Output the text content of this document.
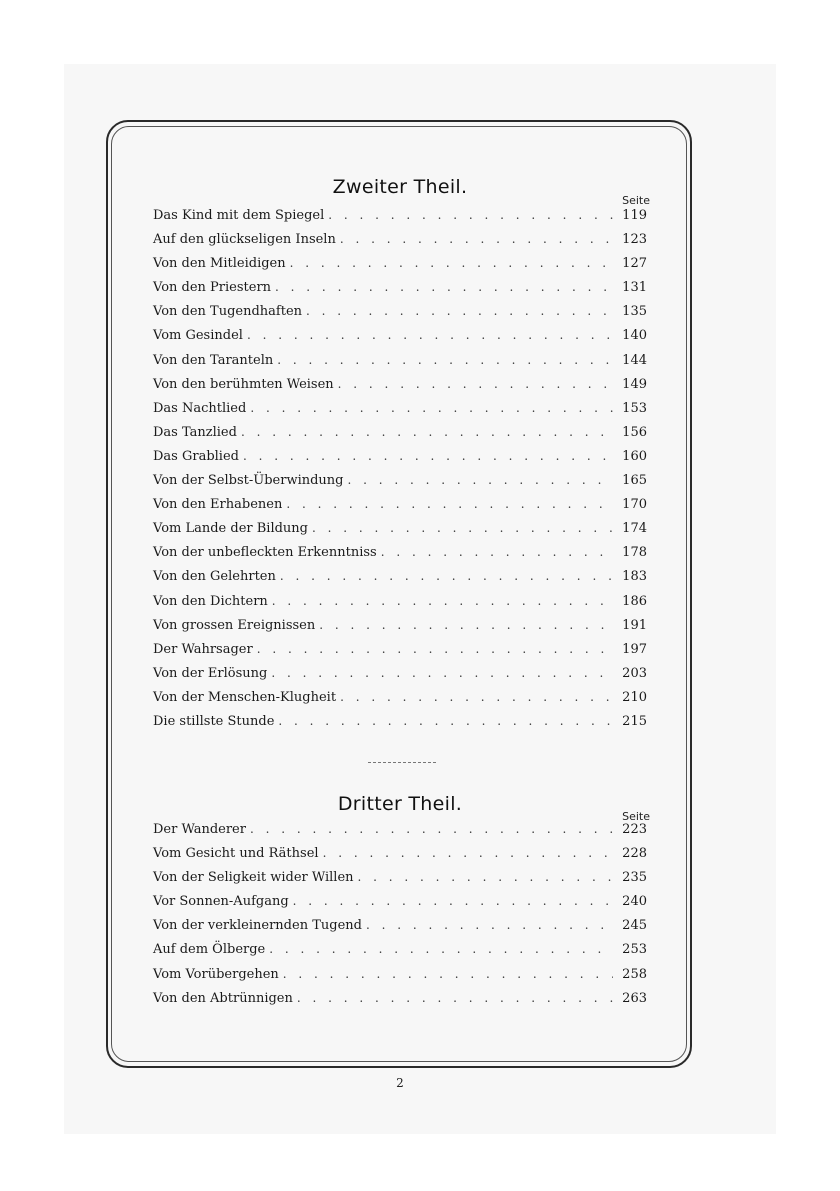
Zweiter Theil.
Seite
Das Kind mit dem Spiegel . . .	119
Auf den glückseligen Inseln . . .	123
Von den Mitleidigen . . .	127
Von den Priestern . . .	131
Von den Tugendhaften . . .	135
Vom Gesindel . . .	140
Von den Taranteln . . .	144
Von den berühmten Weisen . . .	149
Das Nachtlied . . .	153
Das Tanzlied . . .	156
Das Grablied . . .	160
Von der Selbst-Überwindung . . .	165
Von den Erhabenen . . .	170
Vom Lande der Bildung . . .	174
Von der unbefleckten Erkenntniss . . .	178
Von den Gelehrten . . .	183
Von den Dichtern . . .	186
Von grossen Ereignissen . . .	191
Der Wahrsager . . .	197
Von der Erlösung . . .	203
Von der Menschen-Klugheit . . .	210
Die stillste Stunde . . .	215
Dritter Theil.
Seite
Der Wanderer . . .	223
Vom Gesicht und Räthsel . . .	228
Von der Seligkeit wider Willen . . .	235
Vor Sonnen-Aufgang . . .	240
Von der verkleinernden Tugend . . .	245
Auf dem Ölberge . . .	253
Vom Vorübergehen . . .	258
Von den Abtrünnigen . . .	263
2
